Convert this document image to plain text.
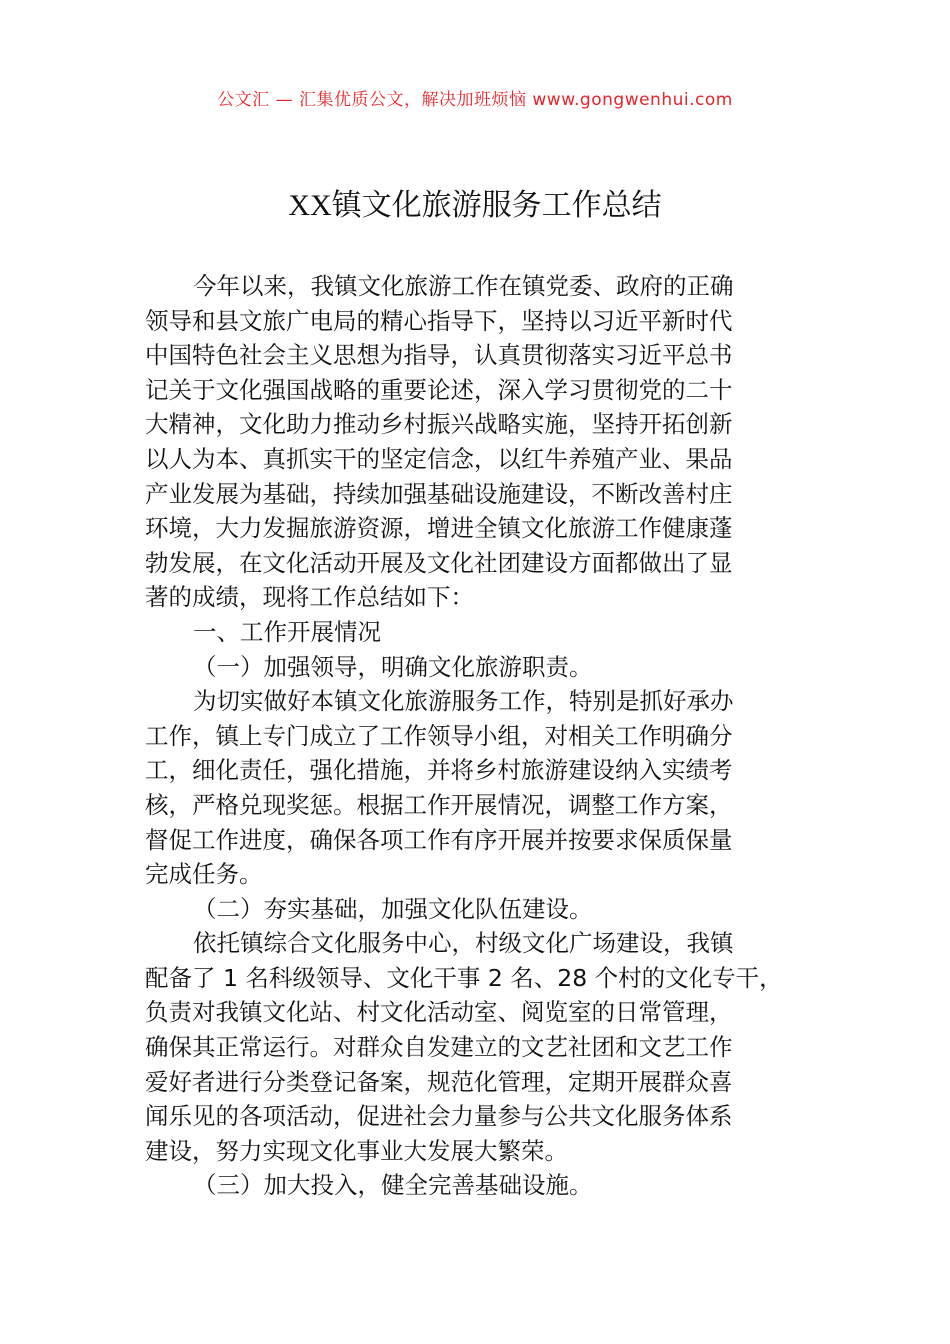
公文汇 — 汇集优质公文，解决加班烦恼 www.gongwenhui.com
XX镇文化旅游服务工作总结
今年以来，我镇文化旅游工作在镇党委、政府的正确
领导和县文旅广电局的精心指导下，坚持以习近平新时代
中国特色社会主义思想为指导，认真贯彻落实习近平总书
记关于文化强国战略的重要论述，深入学习贯彻党的二十
大精神，文化助力推动乡村振兴战略实施，坚持开拓创新
以人为本、真抓实干的坚定信念，以红牛养殖产业、果品
产业发展为基础，持续加强基础设施建设，不断改善村庄
环境，大力发掘旅游资源，增进全镇文化旅游工作健康蓬
勃发展，在文化活动开展及文化社团建设方面都做出了显
著的成绩，现将工作总结如下：
一、工作开展情况
（一）加强领导，明确文化旅游职责。
为切实做好本镇文化旅游服务工作，特别是抓好承办
工作，镇上专门成立了工作领导小组，对相关工作明确分
工，细化责任，强化措施，并将乡村旅游建设纳入实绩考
核，严格兑现奖惩。根据工作开展情况，调整工作方案，
督促工作进度，确保各项工作有序开展并按要求保质保量
完成任务。
（二）夯实基础，加强文化队伍建设。
依托镇综合文化服务中心，村级文化广场建设，我镇
配备了 1 名科级领导、文化干事 2 名、28 个村的文化专干，
负责对我镇文化站、村文化活动室、阅览室的日常管理，
确保其正常运行。对群众自发建立的文艺社团和文艺工作
爱好者进行分类登记备案，规范化管理，定期开展群众喜
闻乐见的各项活动，促进社会力量参与公共文化服务体系
建设，努力实现文化事业大发展大繁荣。
（三）加大投入，健全完善基础设施。
